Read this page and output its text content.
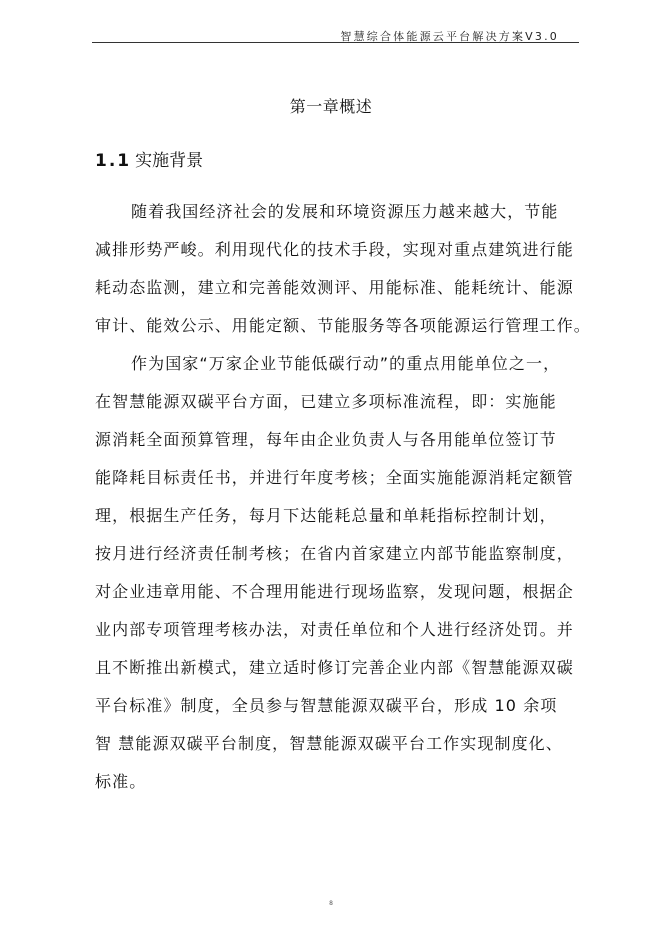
智慧综合体能源云平台解决方案V3.0
第一章概述
1.1 实施背景
随着我国经济社会的发展和环境资源压力越来越大，节能
减排形势严峻。利用现代化的技术手段，实现对重点建筑进行能
耗动态监测，建立和完善能效测评、用能标准、能耗统计、能源
审计、能效公示、用能定额、节能服务等各项能源运行管理工作。
作为国家“万家企业节能低碳行动”的重点用能单位之一，
在智慧能源双碳平台方面，已建立多项标准流程，即：实施能
源消耗全面预算管理，每年由企业负责人与各用能单位签订节
能降耗目标责任书，并进行年度考核；全面实施能源消耗定额管
理，根据生产任务，每月下达能耗总量和单耗指标控制计划，
按月进行经济责任制考核；在省内首家建立内部节能监察制度，
对企业违章用能、不合理用能进行现场监察，发现问题，根据企
业内部专项管理考核办法，对责任单位和个人进行经济处罚。并
且不断推出新模式，建立适时修订完善企业内部《智慧能源双碳
平台标准》制度，全员参与智慧能源双碳平台，形成 10 余项
智 慧能源双碳平台制度，智慧能源双碳平台工作实现制度化、
标准。
8
